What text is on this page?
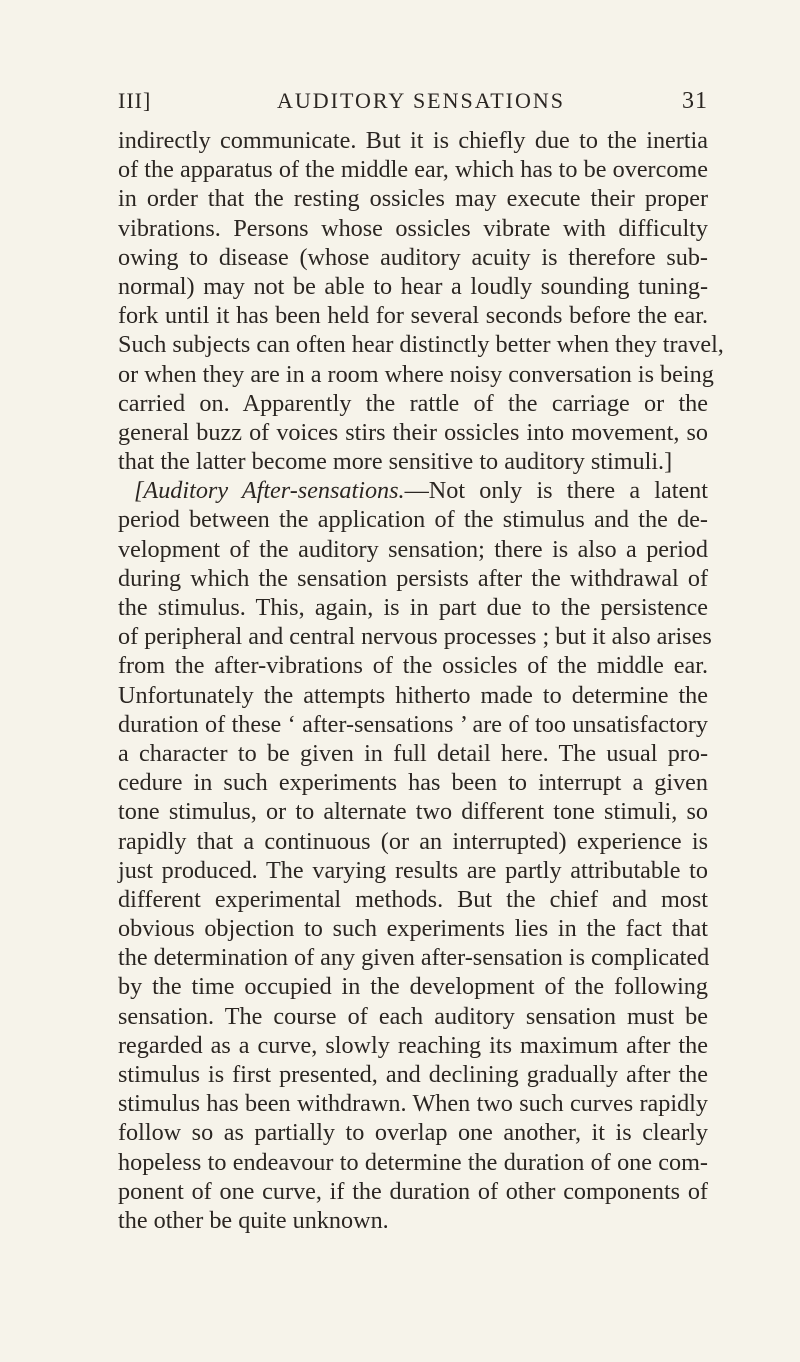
III]	AUDITORY SENSATIONS	31
indirectly communicate. But it is chiefly due to the inertia
of the apparatus of the middle ear, which has to be overcome
in order that the resting ossicles may execute their proper
vibrations. Persons whose ossicles vibrate with difficulty
owing to disease (whose auditory acuity is therefore sub-
normal) may not be able to hear a loudly sounding tuning-
fork until it has been held for several seconds before the ear.
Such subjects can often hear distinctly better when they travel,
or when they are in a room where noisy conversation is being
carried on. Apparently the rattle of the carriage or the
general buzz of voices stirs their ossicles into movement, so
that the latter become more sensitive to auditory stimuli.]
[Auditory After-sensations.—Not only is there a latent
period between the application of the stimulus and the de-
velopment of the auditory sensation; there is also a period
during which the sensation persists after the withdrawal of
the stimulus. This, again, is in part due to the persistence
of peripheral and central nervous processes ; but it also arises
from the after-vibrations of the ossicles of the middle ear.
Unfortunately the attempts hitherto made to determine the
duration of these ‘ after-sensations ’ are of too unsatisfactory
a character to be given in full detail here. The usual pro-
cedure in such experiments has been to interrupt a given
tone stimulus, or to alternate two different tone stimuli, so
rapidly that a continuous (or an interrupted) experience is
just produced. The varying results are partly attributable to
different experimental methods. But the chief and most
obvious objection to such experiments lies in the fact that
the determination of any given after-sensation is complicated
by the time occupied in the development of the following
sensation. The course of each auditory sensation must be
regarded as a curve, slowly reaching its maximum after the
stimulus is first presented, and declining gradually after the
stimulus has been withdrawn. When two such curves rapidly
follow so as partially to overlap one another, it is clearly
hopeless to endeavour to determine the duration of one com-
ponent of one curve, if the duration of other components of
the other be quite unknown.
